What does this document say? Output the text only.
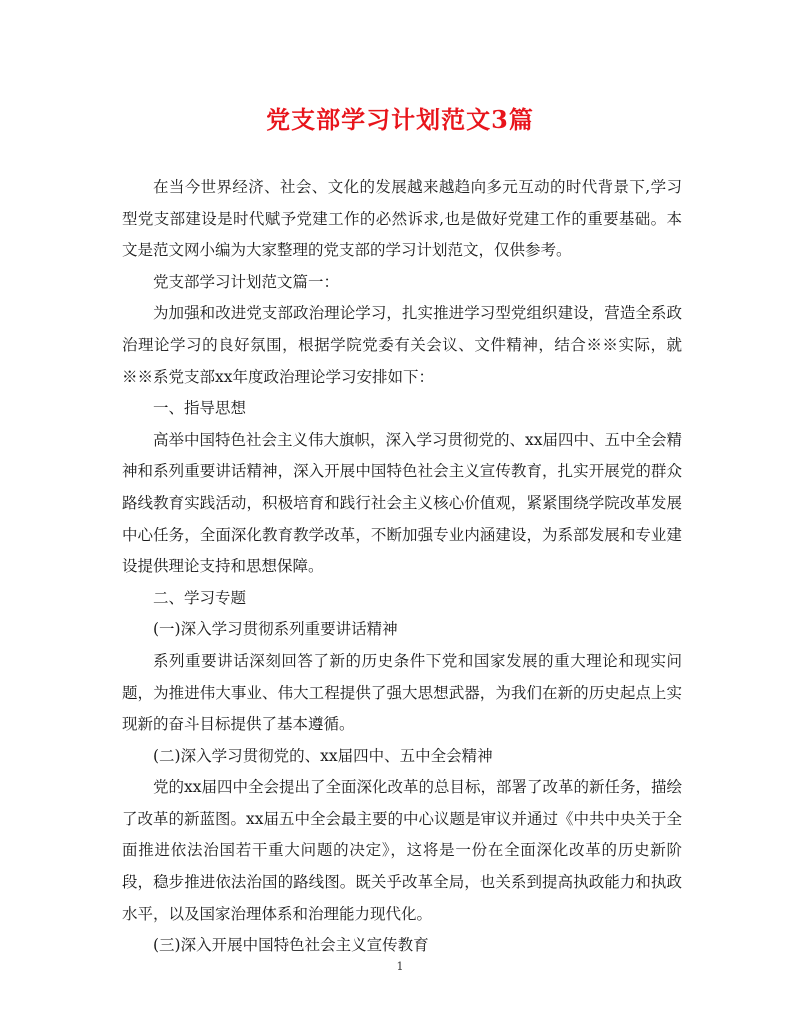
党支部学习计划范文3篇

在当今世界经济、社会、文化的发展越来越趋向多元互动的时代背景下,学习型党支部建设是时代赋予党建工作的必然诉求,也是做好党建工作的重要基础。本文是范文网小编为大家整理的党支部的学习计划范文，仅供参考。

党支部学习计划范文篇一：

为加强和改进党支部政治理论学习，扎实推进学习型党组织建设，营造全系政治理论学习的良好氛围，根据学院党委有关会议、文件精神，结合※※实际，就※※系党支部xx年度政治理论学习安排如下：

一、指导思想

高举中国特色社会主义伟大旗帜，深入学习贯彻党的、xx届四中、五中全会精神和系列重要讲话精神，深入开展中国特色社会主义宣传教育，扎实开展党的群众路线教育实践活动，积极培育和践行社会主义核心价值观，紧紧围绕学院改革发展中心任务，全面深化教育教学改革，不断加强专业内涵建设，为系部发展和专业建设提供理论支持和思想保障。

二、学习专题

(一)深入学习贯彻系列重要讲话精神

系列重要讲话深刻回答了新的历史条件下党和国家发展的重大理论和现实问题，为推进伟大事业、伟大工程提供了强大思想武器，为我们在新的历史起点上实现新的奋斗目标提供了基本遵循。

(二)深入学习贯彻党的、xx届四中、五中全会精神

党的xx届四中全会提出了全面深化改革的总目标，部署了改革的新任务，描绘了改革的新蓝图。xx届五中全会最主要的中心议题是审议并通过《中共中央关于全面推进依法治国若干重大问题的决定》，这将是一份在全面深化改革的历史新阶段，稳步推进依法治国的路线图。既关乎改革全局，也关系到提高执政能力和执政水平，以及国家治理体系和治理能力现代化。

(三)深入开展中国特色社会主义宣传教育

1
